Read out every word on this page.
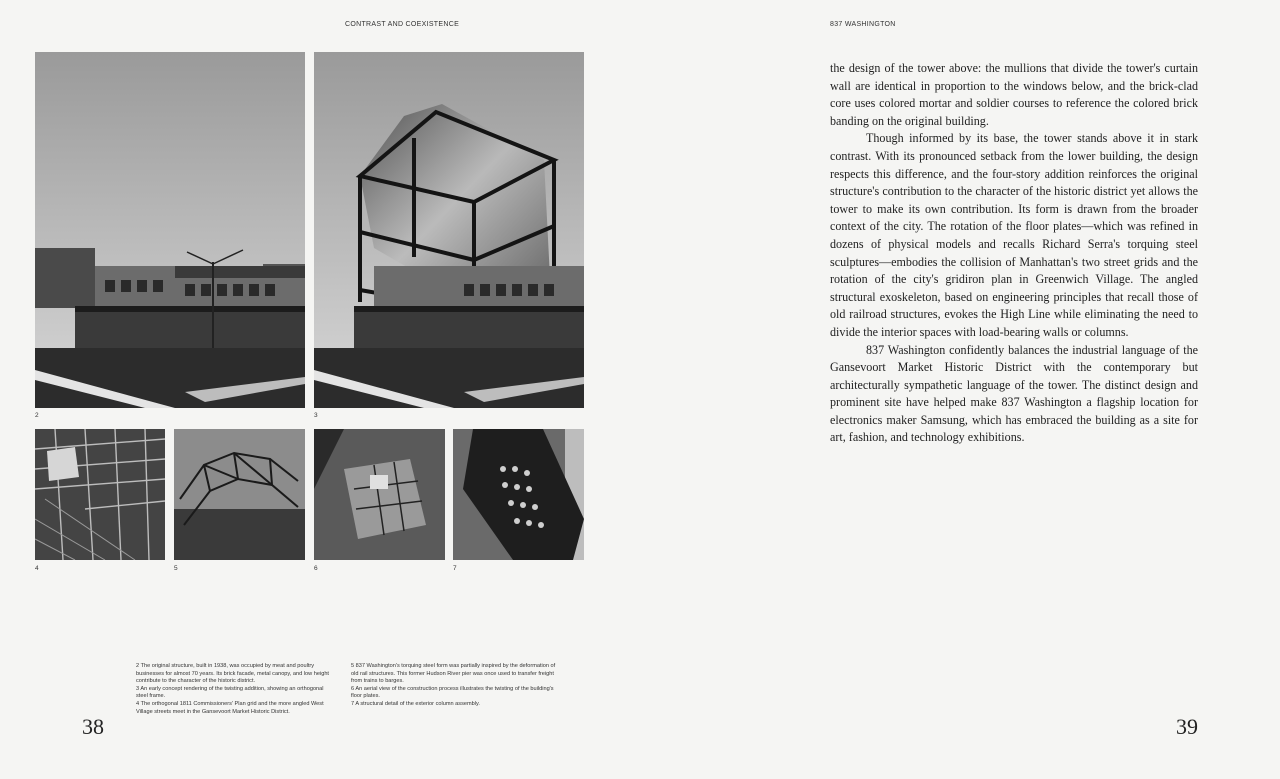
CONTRAST AND COEXISTENCE	837 WASHINGTON
2	3
4	5	6	7

2 The original structure, built in 1938, was occupied by meat and poultry businesses for almost 70 years. Its brick facade, metal canopy, and low height contribute to the character of the historic district.

3 An early concept rendering of the twisting addition, showing an orthogonal steel frame.

4 The orthogonal 1811 Commissioners' Plan grid and the more angled West Village streets meet in the Gansevoort Market Historic District.

5 837 Washington's torquing steel form was partially inspired by the deformation of old rail structures. This former Hudson River pier was once used to transfer freight from trains to barges.

6 An aerial view of the construction process illustrates the twisting of the building's floor plates.

7 A structural detail of the exterior column assembly.

the design of the tower above: the mullions that divide the tower's curtain wall are identical in proportion to the windows below, and the brick-clad core uses colored mortar and soldier courses to reference the colored brick banding on the original building.

Though informed by its base, the tower stands above it in stark contrast. With its pronounced setback from the lower building, the design respects this difference, and the four-story addition reinforces the original structure's contribution to the character of the historic district yet allows the tower to make its own contribution. Its form is drawn from the broader context of the city. The rotation of the floor plates—which was refined in dozens of physical models and recalls Richard Serra's torquing steel sculptures—embodies the collision of Manhattan's two street grids and the rotation of the city's gridiron plan in Greenwich Village. The angled structural exoskeleton, based on engineering principles that recall those of old railroad structures, evokes the High Line while eliminating the need to divide the interior spaces with load-bearing walls or columns.

837 Washington confidently balances the industrial language of the Gansevoort Market Historic District with the contemporary but architecturally sympathetic language of the tower. The distinct design and prominent site have helped make 837 Washington a flagship location for electronics maker Samsung, which has embraced the building as a site for art, fashion, and technology exhibitions.

38	39
